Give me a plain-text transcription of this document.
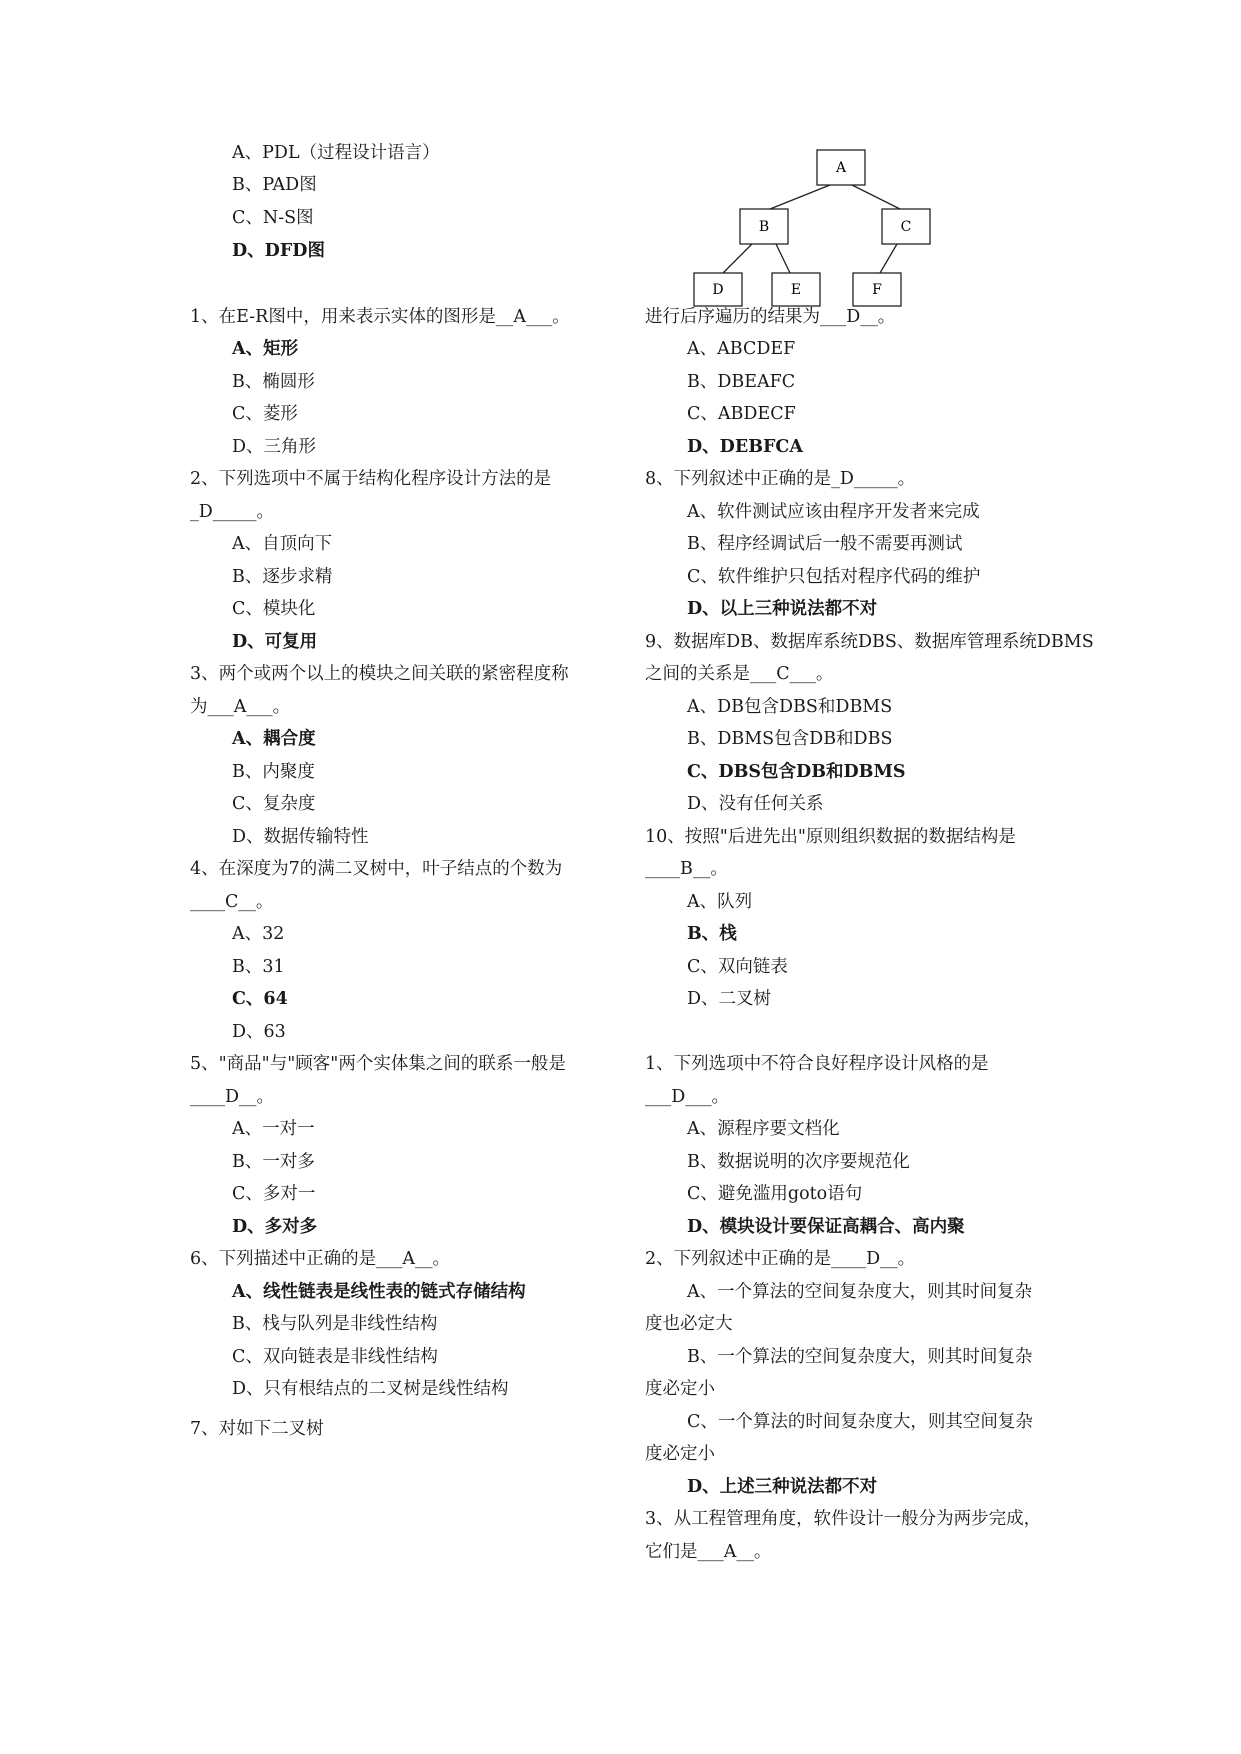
A、PDL（过程设计语言）
B、PAD图
C、N-S图
D、DFD图
1、在E-R图中，用来表示实体的图形是__A___。
A、矩形
B、椭圆形
C、菱形
D、三角形
2、下列选项中不属于结构化程序设计方法的是
_D_____。
A、自顶向下
B、逐步求精
C、模块化
D、可复用
3、两个或两个以上的模块之间关联的紧密程度称
为___A___。
A、耦合度
B、内聚度
C、复杂度
D、数据传输特性
4、在深度为7的满二叉树中，叶子结点的个数为
____C__。
A、32
B、31
C、64
D、63
5、"商品"与"顾客"两个实体集之间的联系一般是
____D__。
A、一对一
B、一对多
C、多对一
D、多对多
6、下列描述中正确的是___A__。
A、线性链表是线性表的链式存储结构
B、栈与队列是非线性结构
C、双向链表是非线性结构
D、只有根结点的二叉树是线性结构
7、对如下二叉树
进行后序遍历的结果为___D__。
A、ABCDEF
B、DBEAFC
C、ABDECF
D、DEBFCA
8、下列叙述中正确的是_D_____。
A、软件测试应该由程序开发者来完成
B、程序经调试后一般不需要再测试
C、软件维护只包括对程序代码的维护
D、以上三种说法都不对
9、数据库DB、数据库系统DBS、数据库管理系统DBMS
之间的关系是___C___。
A、DB包含DBS和DBMS
B、DBMS包含DB和DBS
C、DBS包含DB和DBMS
D、没有任何关系
10、按照"后进先出"原则组织数据的数据结构是
____B__。
A、队列
B、栈
C、双向链表
D、二叉树
1、下列选项中不符合良好程序设计风格的是
___D___。
A、源程序要文档化
B、数据说明的次序要规范化
C、避免滥用goto语句
D、模块设计要保证高耦合、高内聚
2、下列叙述中正确的是____D__。
A、一个算法的空间复杂度大，则其时间复杂
度也必定大
B、一个算法的空间复杂度大，则其时间复杂
度必定小
C、一个算法的时间复杂度大，则其空间复杂
度必定小
D、上述三种说法都不对
3、从工程管理角度，软件设计一般分为两步完成，
它们是___A__。
A
B	C
D	E	F
